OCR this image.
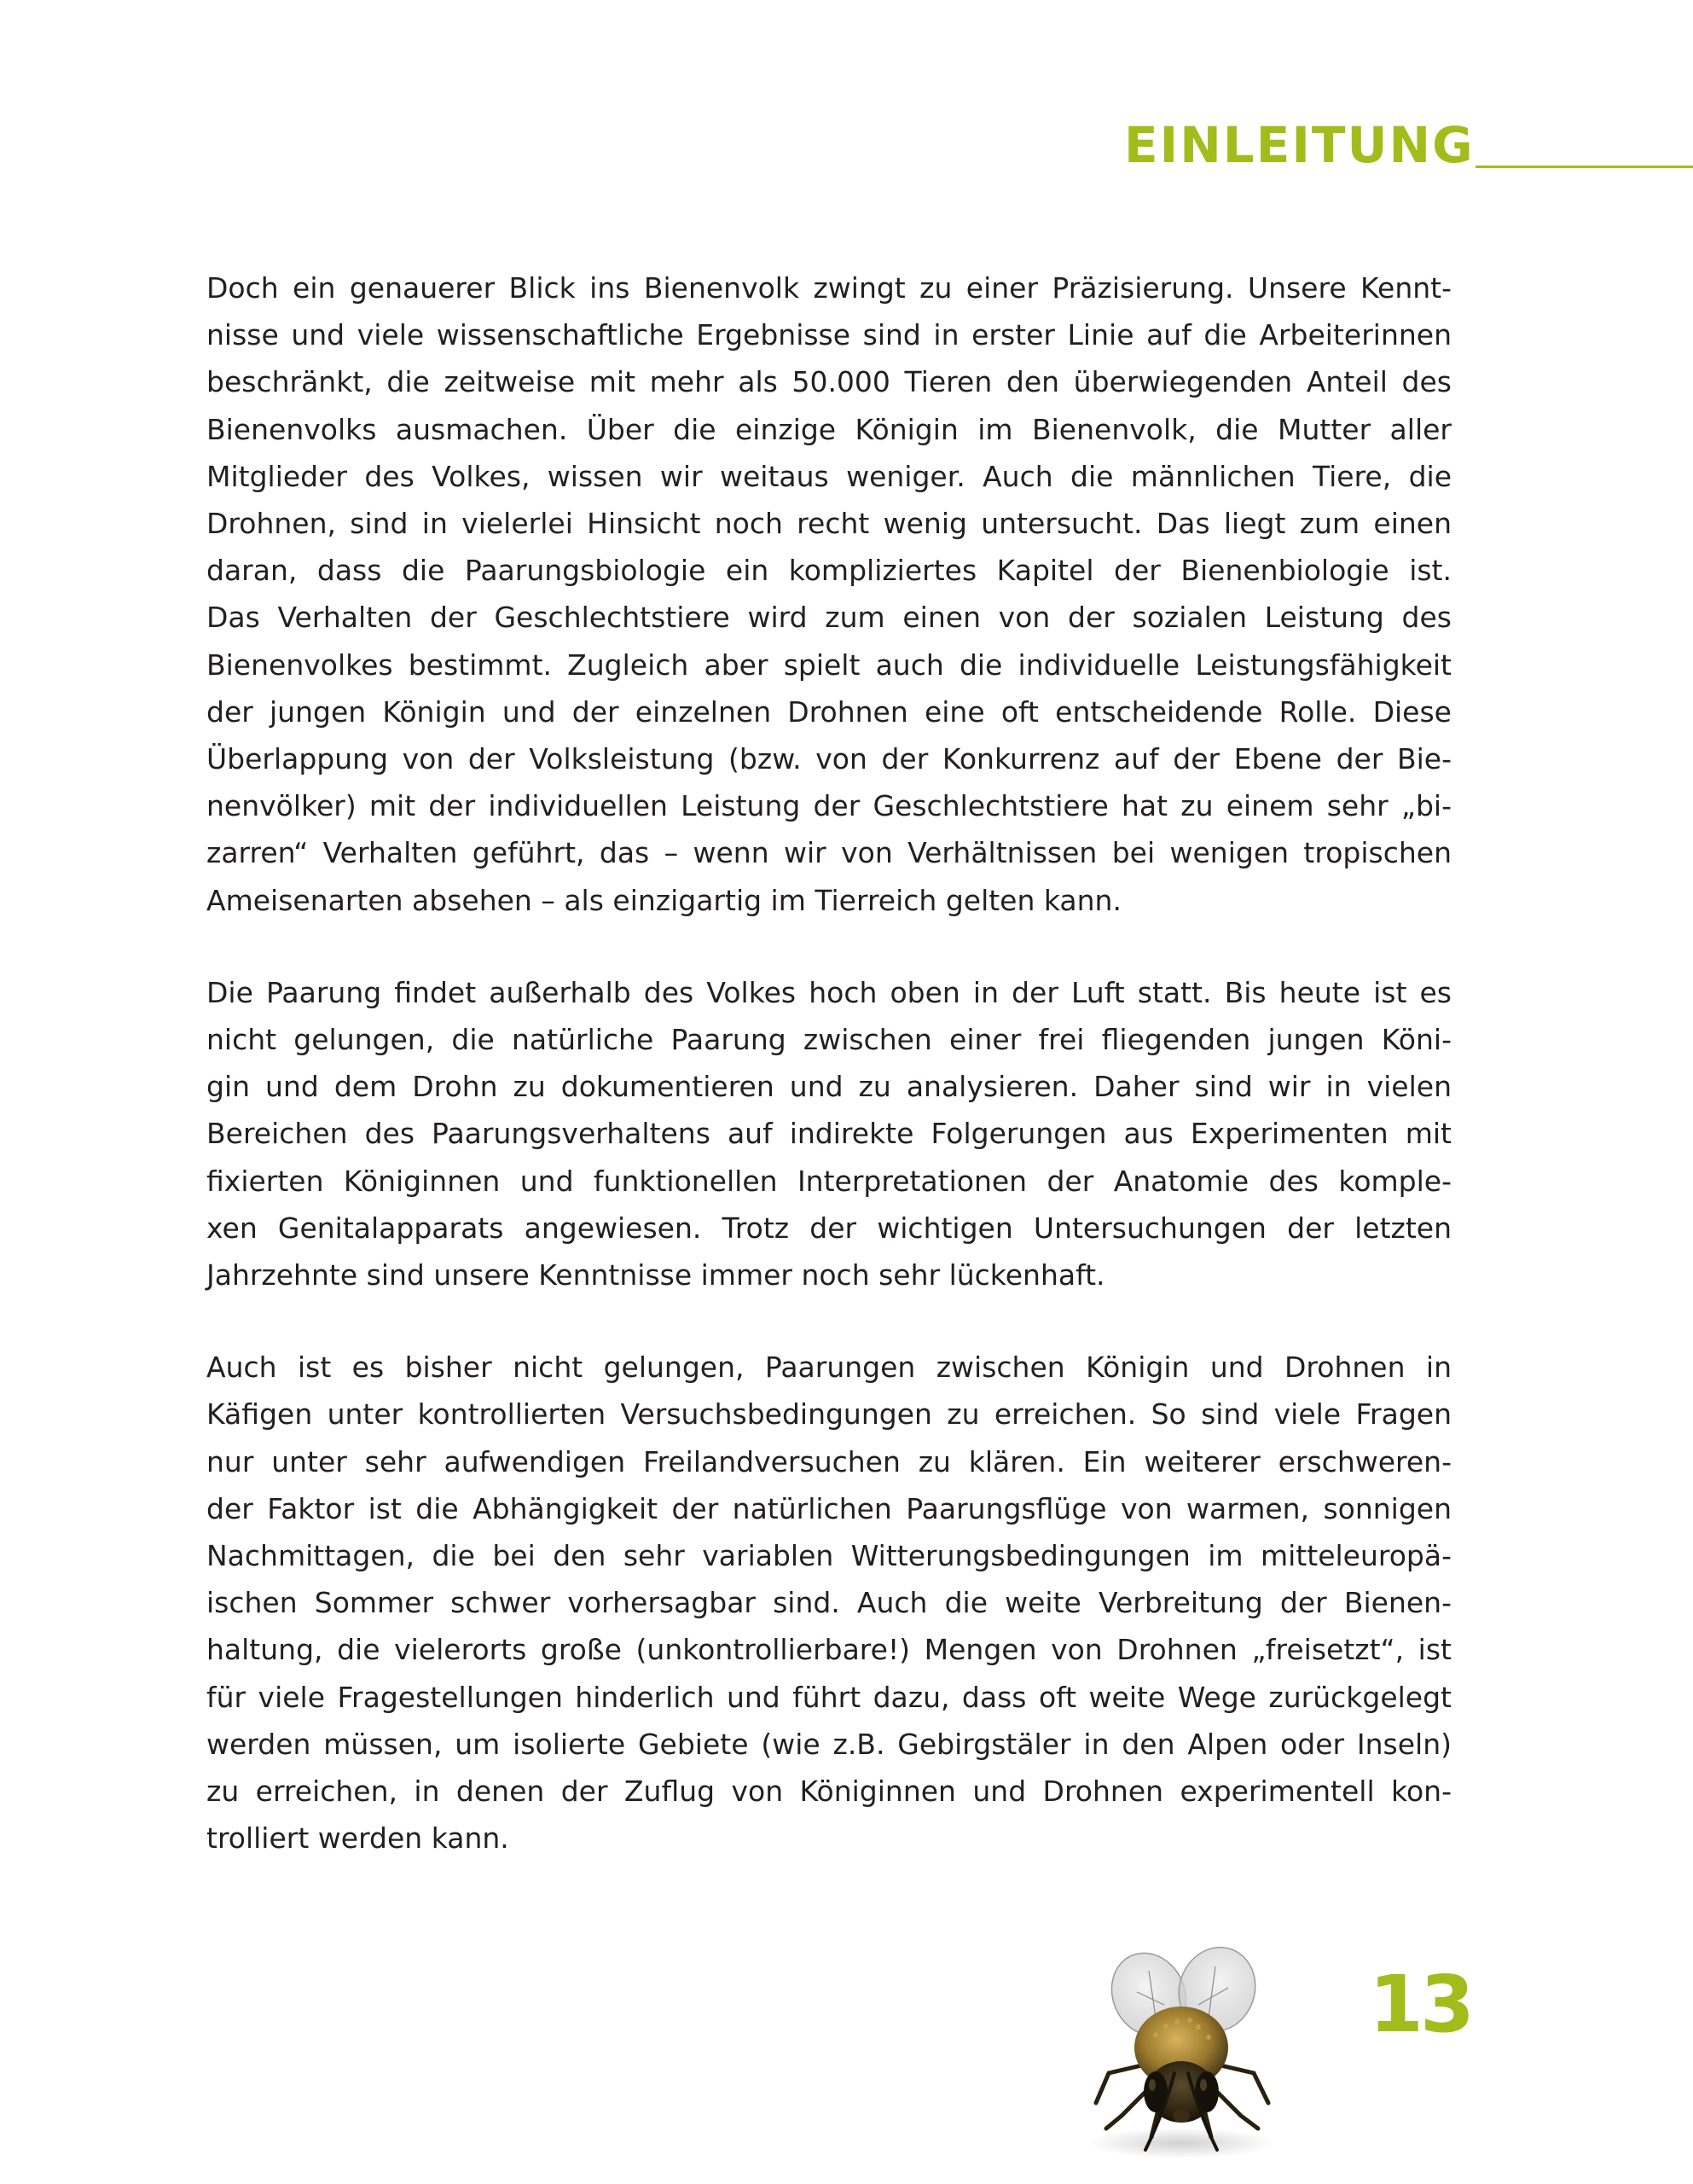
EINLEITUNG
Doch ein genauerer Blick ins Bienenvolk zwingt zu einer Präzisierung. Unsere Kennt-
nisse und viele wissenschaftliche Ergebnisse sind in erster Linie auf die Arbeiterinnen
beschränkt, die zeitweise mit mehr als 50.000 Tieren den überwiegenden Anteil des
Bienenvolks ausmachen. Über die einzige Königin im Bienenvolk, die Mutter aller
Mitglieder des Volkes, wissen wir weitaus weniger. Auch die männlichen Tiere, die
Drohnen, sind in vielerlei Hinsicht noch recht wenig untersucht. Das liegt zum einen
daran, dass die Paarungsbiologie ein kompliziertes Kapitel der Bienenbiologie ist.
Das Verhalten der Geschlechtstiere wird zum einen von der sozialen Leistung des
Bienenvolkes bestimmt. Zugleich aber spielt auch die individuelle Leistungsfähigkeit
der jungen Königin und der einzelnen Drohnen eine oft entscheidende Rolle. Diese
Überlappung von der Volksleistung (bzw. von der Konkurrenz auf der Ebene der Bie-
nenvölker) mit der individuellen Leistung der Geschlechtstiere hat zu einem sehr „bi-
zarren“ Verhalten geführt, das – wenn wir von Verhältnissen bei wenigen tropischen
Ameisenarten absehen – als einzigartig im Tierreich gelten kann.
Die Paarung findet außerhalb des Volkes hoch oben in der Luft statt. Bis heute ist es
nicht gelungen, die natürliche Paarung zwischen einer frei fliegenden jungen Köni-
gin und dem Drohn zu dokumentieren und zu analysieren. Daher sind wir in vielen
Bereichen des Paarungsverhaltens auf indirekte Folgerungen aus Experimenten mit
fixierten Königinnen und funktionellen Interpretationen der Anatomie des komple-
xen Genitalapparats angewiesen. Trotz der wichtigen Untersuchungen der letzten
Jahrzehnte sind unsere Kenntnisse immer noch sehr lückenhaft.
Auch ist es bisher nicht gelungen, Paarungen zwischen Königin und Drohnen in
Käfigen unter kontrollierten Versuchsbedingungen zu erreichen. So sind viele Fragen
nur unter sehr aufwendigen Freilandversuchen zu klären. Ein weiterer erschweren-
der Faktor ist die Abhängigkeit der natürlichen Paarungsflüge von warmen, sonnigen
Nachmittagen, die bei den sehr variablen Witterungsbedingungen im mitteleuropä-
ischen Sommer schwer vorhersagbar sind. Auch die weite Verbreitung der Bienen-
haltung, die vielerorts große (unkontrollierbare!) Mengen von Drohnen „freisetzt“, ist
für viele Fragestellungen hinderlich und führt dazu, dass oft weite Wege zurückgelegt
werden müssen, um isolierte Gebiete (wie z.B. Gebirgstäler in den Alpen oder Inseln)
zu erreichen, in denen der Zuflug von Königinnen und Drohnen experimentell kon-
trolliert werden kann.
13
